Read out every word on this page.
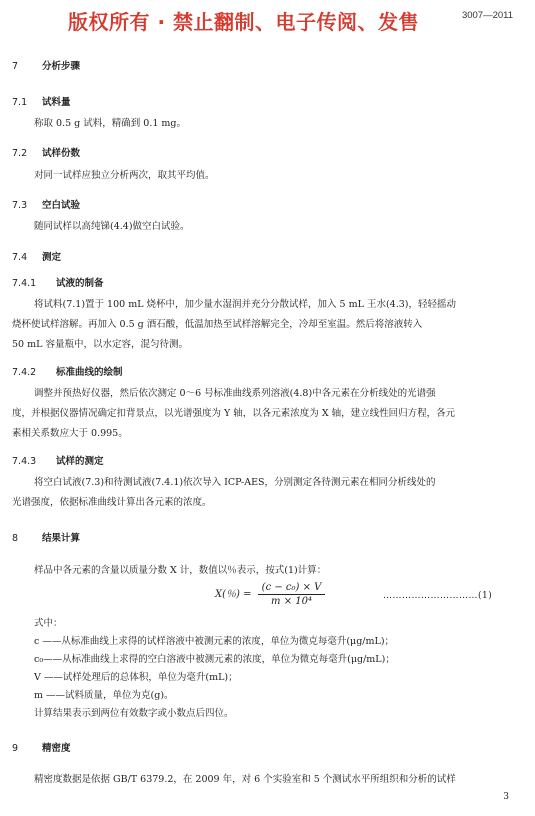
版权所有 · 禁止翻制、电子传阅、发售	3007—2011
7	分析步骤
7.1 试料量
称取 0.5 g 试料，精确到 0.1 mg。
7.2 试样份数
对同一试样应独立分析两次，取其平均值。
7.3 空白试验
随同试样以高纯锑(4.4)做空白试验。
7.4 测定
7.4.1 试液的制备
将试料(7.1)置于 100 mL 烧杯中，加少量水湿润并充分分散试样，加入 5 mL 王水(4.3)，轻轻摇动
烧杯使试样溶解。再加入 0.5 g 酒石酸，低温加热至试样溶解完全，冷却至室温。然后将溶液转入
50 mL 容量瓶中，以水定容，混匀待测。
7.4.2 标准曲线的绘制
调整并预热好仪器，然后依次测定 0～6 号标准曲线系列溶液(4.8)中各元素在分析线处的光谱强
度，并根据仪器情况确定扣背景点，以光谱强度为 Y 轴，以各元素浓度为 X 轴，建立线性回归方程，各元
素相关系数应大于 0.995。
7.4.3 试样的测定
将空白试液(7.3)和待测试液(7.4.1)依次导入 ICP-AES，分别测定各待测元素在相同分析线处的
光谱强度，依据标准曲线计算出各元素的浓度。
8	结果计算
样品中各元素的含量以质量分数 X 计，数值以％表示，按式(1)计算：
X(％) = $\frac{\text{(c − c₀) × V}}{\text{m × 10⁴}}$	…………………………(1)
式中：
c ——从标准曲线上求得的试样溶液中被测元素的浓度，单位为微克每毫升(μg/mL)；
c₀——从标准曲线上求得的空白溶液中被测元素的浓度，单位为微克每毫升(μg/mL)；
V ——试样处理后的总体积，单位为毫升(mL)；
m ——试料质量，单位为克(g)。
计算结果表示到两位有效数字或小数点后四位。
9	精密度
精密度数据是依据 GB/T 6379.2，在 2009 年，对 6 个实验室和 5 个测试水平所组织和分析的试样
3
